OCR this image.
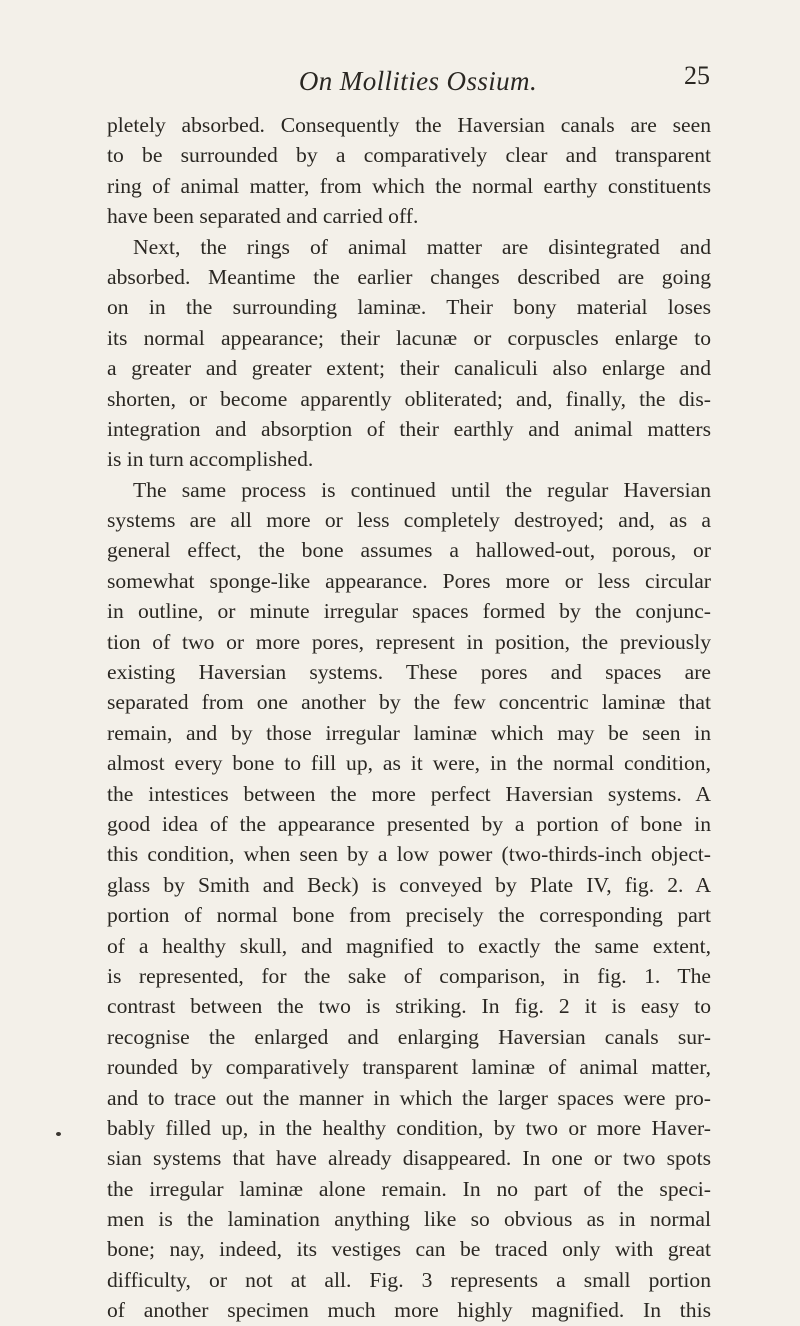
On Mollities Ossium.	25
pletely absorbed. Consequently the Haversian canals are seen
to be surrounded by a comparatively clear and transparent
ring of animal matter, from which the normal earthy constituents
have been separated and carried off.
Next, the rings of animal matter are disintegrated and
absorbed. Meantime the earlier changes described are going
on in the surrounding laminæ. Their bony material loses
its normal appearance; their lacunæ or corpuscles enlarge to
a greater and greater extent; their canaliculi also enlarge and
shorten, or become apparently obliterated; and, finally, the dis-
integration and absorption of their earthly and animal matters
is in turn accomplished.
The same process is continued until the regular Haversian
systems are all more or less completely destroyed; and, as a
general effect, the bone assumes a hallowed-out, porous, or
somewhat sponge-like appearance. Pores more or less circular
in outline, or minute irregular spaces formed by the conjunc-
tion of two or more pores, represent in position, the previously
existing Haversian systems. These pores and spaces are
separated from one another by the few concentric laminæ that
remain, and by those irregular laminæ which may be seen in
almost every bone to fill up, as it were, in the normal condition,
the intestices between the more perfect Haversian systems. A
good idea of the appearance presented by a portion of bone in
this condition, when seen by a low power (two-thirds-inch object-
glass by Smith and Beck) is conveyed by Plate IV, fig. 2. A
portion of normal bone from precisely the corresponding part
of a healthy skull, and magnified to exactly the same extent,
is represented, for the sake of comparison, in fig. 1. The
contrast between the two is striking. In fig. 2 it is easy to
recognise the enlarged and enlarging Haversian canals sur-
rounded by comparatively transparent laminæ of animal matter,
and to trace out the manner in which the larger spaces were pro-
bably filled up, in the healthy condition, by two or more Haver-
sian systems that have already disappeared. In one or two spots
the irregular laminæ alone remain. In no part of the speci-
men is the lamination anything like so obvious as in normal
bone; nay, indeed, its vestiges can be traced only with great
difficulty, or not at all. Fig. 3 represents a small portion
of another specimen much more highly magnified. In this
